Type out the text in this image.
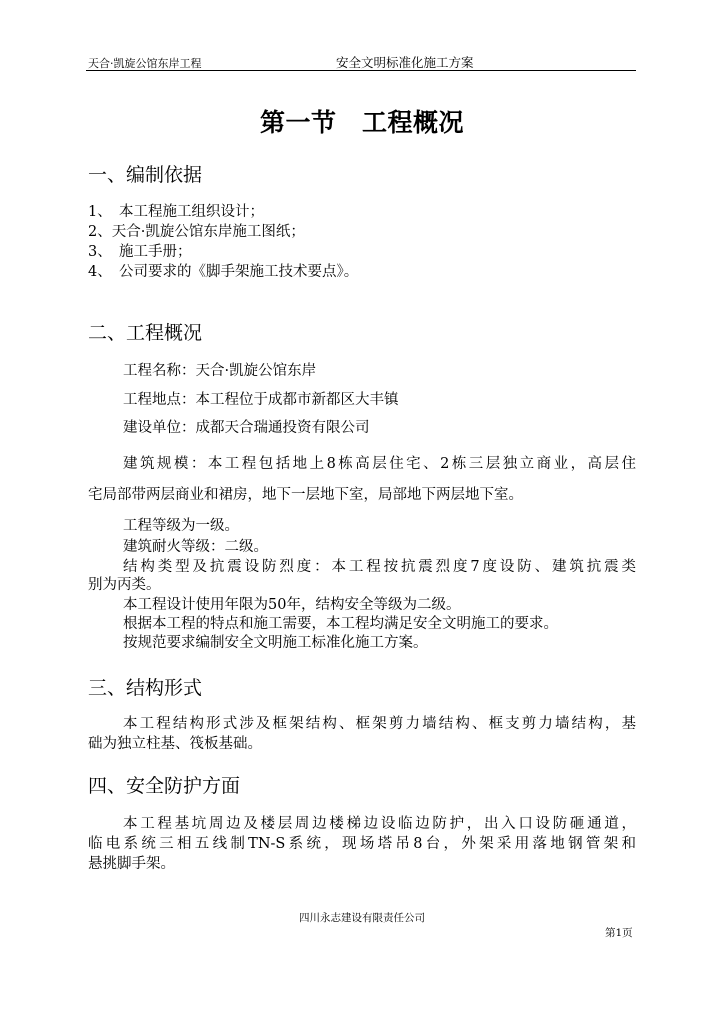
天合·凯旋公馆东岸工程	安全文明标准化施工方案
第一节　工程概况
一、编制依据
1、　本工程施工组织设计；
2、天合·凯旋公馆东岸施工图纸；
3、　施工手册；
4、　公司要求的《脚手架施工技术要点》。
二、工程概况
工程名称：天合·凯旋公馆东岸
工程地点：本工程位于成都市新都区大丰镇
建设单位：成都天合瑞通投资有限公司
建筑规模：本工程包括地上8栋高层住宅、2栋三层独立商业，高层住
宅局部带两层商业和裙房，地下一层地下室，局部地下两层地下室。
工程等级为一级。
建筑耐火等级：二级。
结构类型及抗震设防烈度：本工程按抗震烈度7度设防、建筑抗震类
别为丙类。
本工程设计使用年限为50年，结构安全等级为二级。
根据本工程的特点和施工需要，本工程均满足安全文明施工的要求。
按规范要求编制安全文明施工标准化施工方案。
三、结构形式
本工程结构形式涉及框架结构、框架剪力墙结构、框支剪力墙结构，基
础为独立柱基、筏板基础。
四、安全防护方面
本工程基坑周边及楼层周边楼梯边设临边防护，出入口设防砸通道，
临电系统三相五线制TN-S系统，现场塔吊8台，外架采用落地钢管架和
悬挑脚手架。
四川永志建设有限责任公司
第1页
